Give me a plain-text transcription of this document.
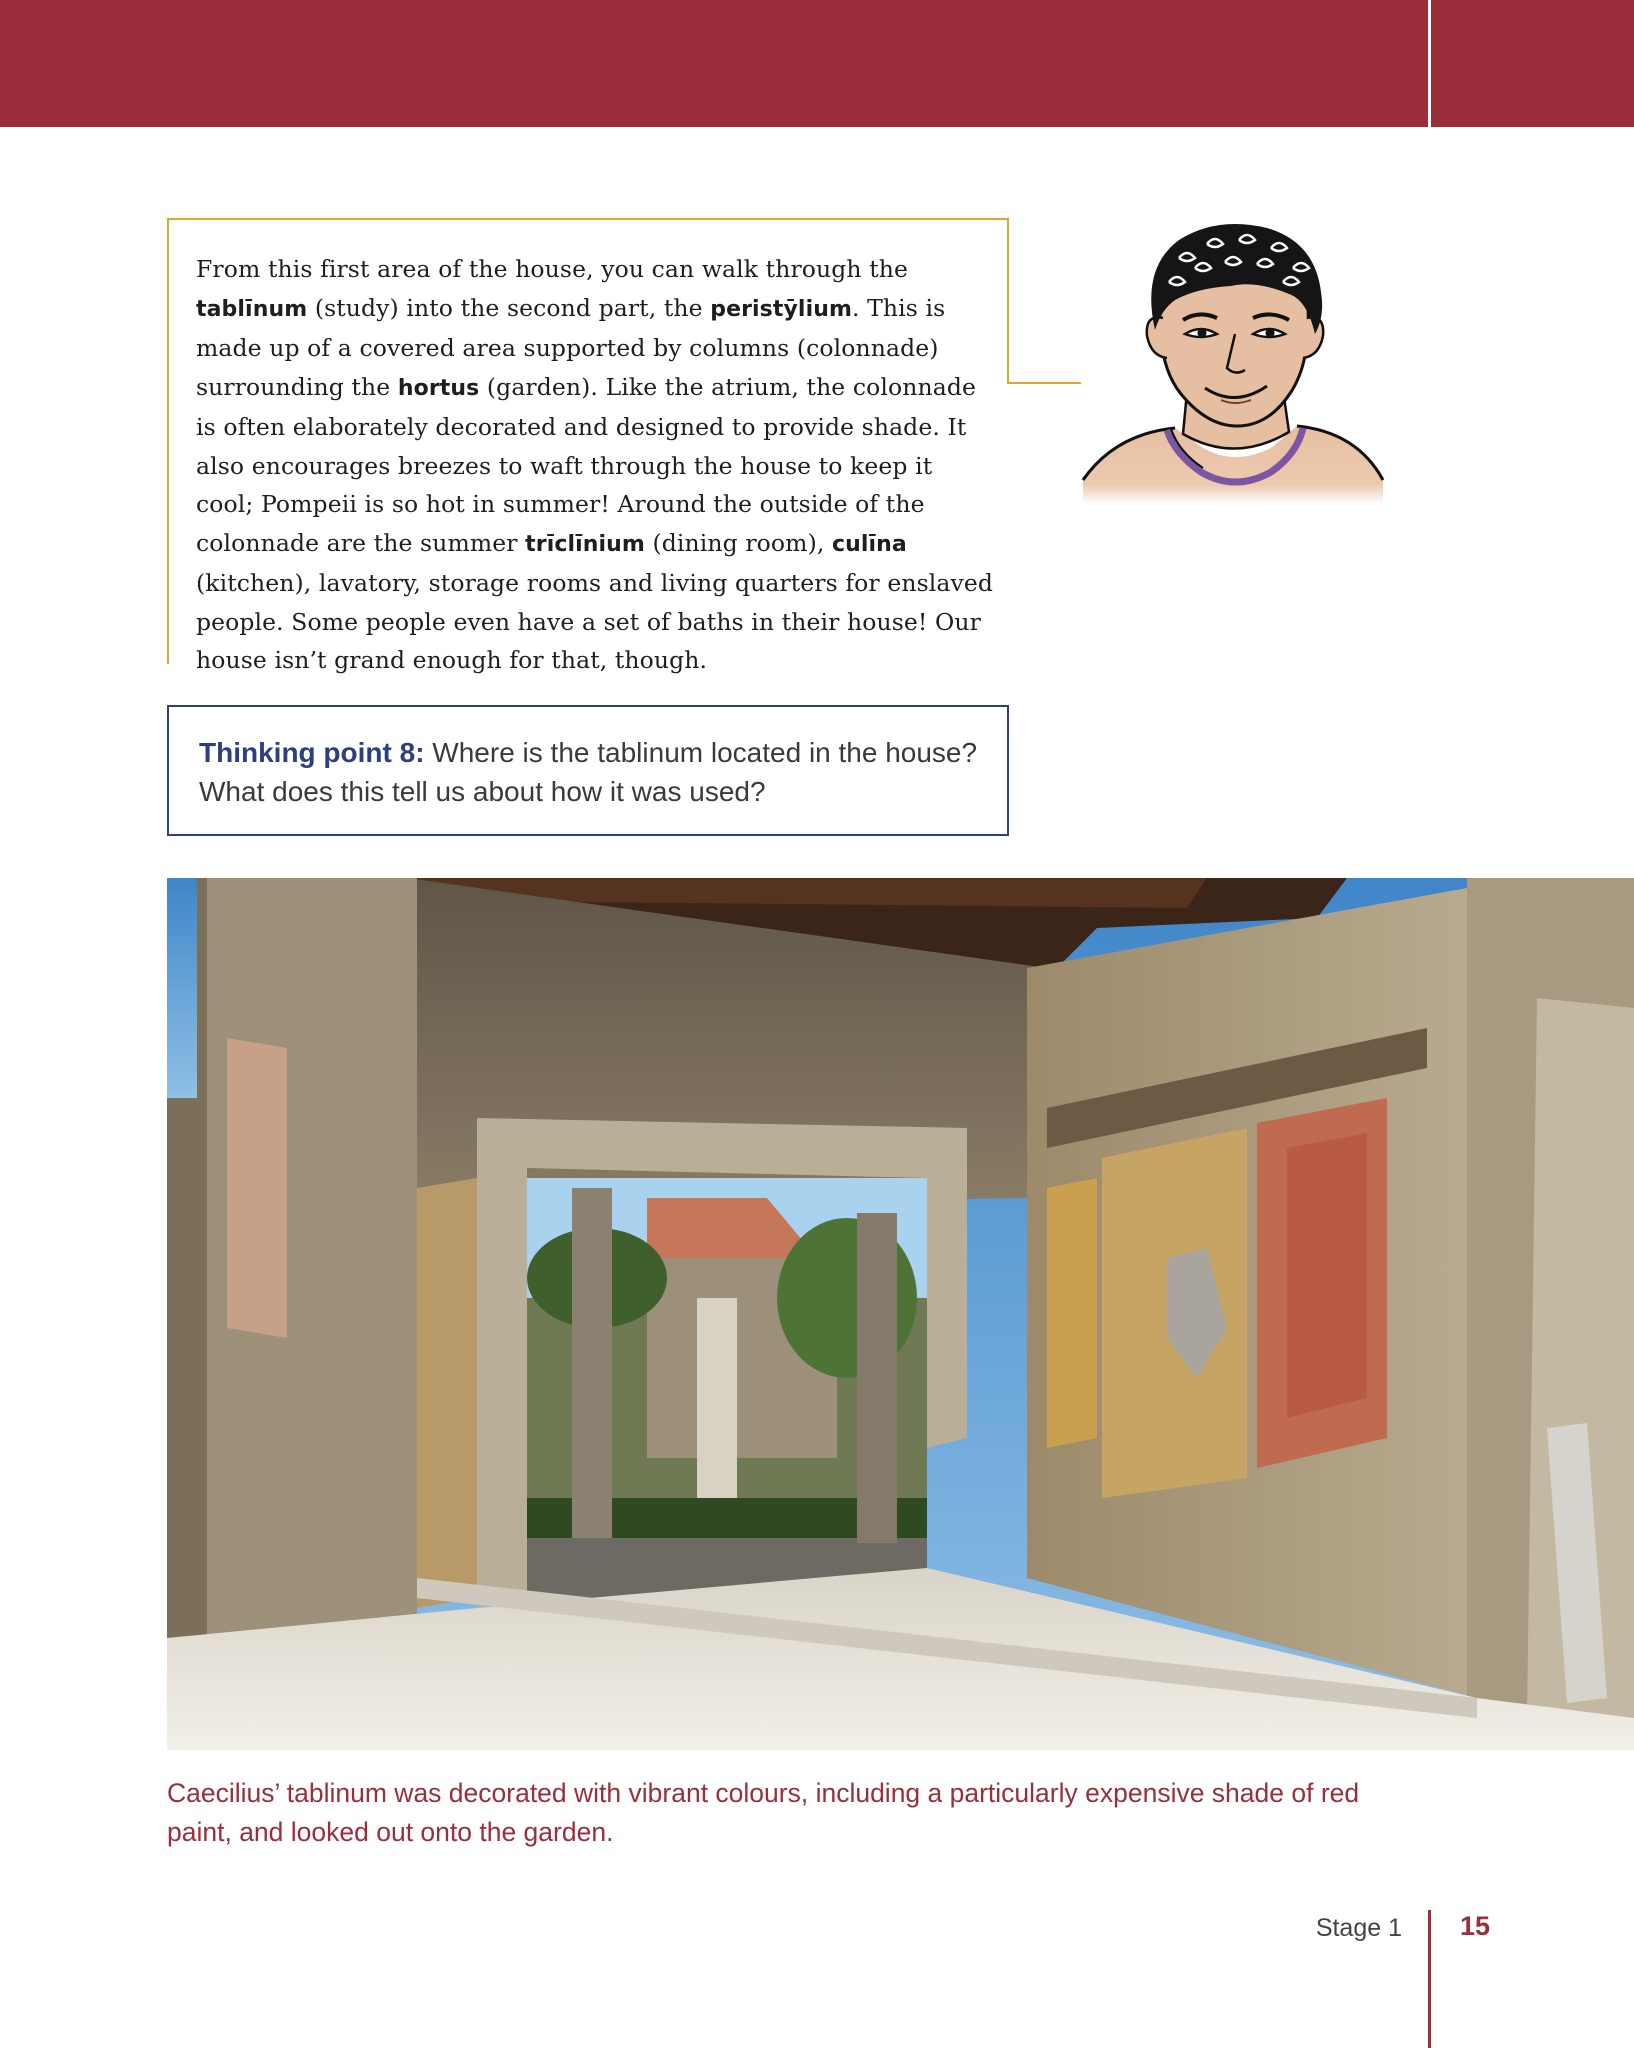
From this first area of the house, you can walk through the tablīnum (study) into the second part, the peristȳlium. This is made up of a covered area supported by columns (colonnade) surrounding the hortus (garden). Like the atrium, the colonnade is often elaborately decorated and designed to provide shade. It also encourages breezes to waft through the house to keep it cool; Pompeii is so hot in summer! Around the outside of the colonnade are the summer trīclīnium (dining room), culīna (kitchen), lavatory, storage rooms and living quarters for enslaved people. Some people even have a set of baths in their house! Our house isn’t grand enough for that, though.

Thinking point 8: Where is the tablinum located in the house? What does this tell us about how it was used?

Caecilius’ tablinum was decorated with vibrant colours, including a particularly expensive shade of red paint, and looked out onto the garden.

Stage 1 15
